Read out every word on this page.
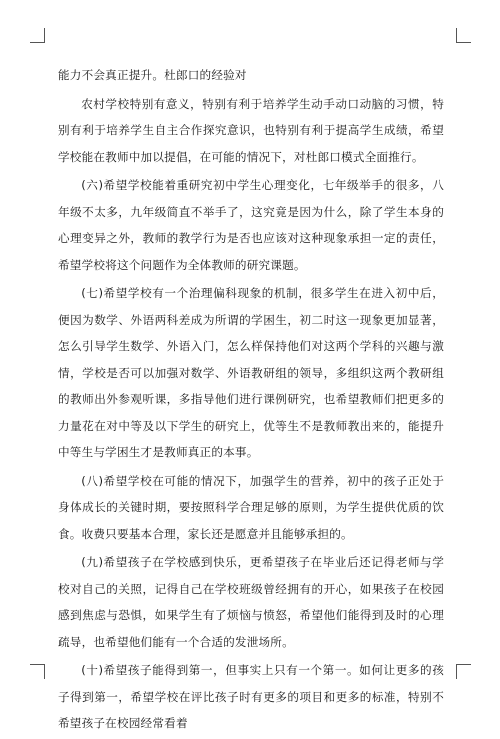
能力不会真正提升。杜郎口的经验对

农村学校特别有意义，特别有利于培养学生动手动口动脑的习惯，特别有利于培养学生自主合作探究意识，也特别有利于提高学生成绩，希望学校能在教师中加以提倡，在可能的情况下，对杜郎口模式全面推行。

(六)希望学校能着重研究初中学生心理变化，七年级举手的很多，八年级不太多，九年级简直不举手了，这究竟是因为什么，除了学生本身的心理变异之外，教师的教学行为是否也应该对这种现象承担一定的责任，希望学校将这个问题作为全体教师的研究课题。

(七)希望学校有一个治理偏科现象的机制，很多学生在进入初中后，便因为数学、外语两科差成为所谓的学困生，初二时这一现象更加显著，怎么引导学生数学、外语入门，怎么样保持他们对这两个学科的兴趣与激情，学校是否可以加强对数学、外语教研组的领导，多组织这两个教研组的教师出外参观听课，多指导他们进行课例研究，也希望教师们把更多的力量花在对中等及以下学生的研究上，优等生不是教师教出来的，能提升中等生与学困生才是教师真正的本事。

(八)希望学校在可能的情况下，加强学生的营养，初中的孩子正处于身体成长的关键时期，要按照科学合理足够的原则，为学生提供优质的饮食。收费只要基本合理，家长还是愿意并且能够承担的。

(九)希望孩子在学校感到快乐，更希望孩子在毕业后还记得老师与学校对自己的关照，记得自己在学校班级曾经拥有的开心，如果孩子在校园感到焦虑与恐惧，如果学生有了烦恼与愤怒，希望他们能得到及时的心理疏导，也希望他们能有一个合适的发泄场所。

(十)希望孩子能得到第一，但事实上只有一个第一。如何让更多的孩子得到第一，希望学校在评比孩子时有更多的项目和更多的标准，特别不希望孩子在校园经常看着
